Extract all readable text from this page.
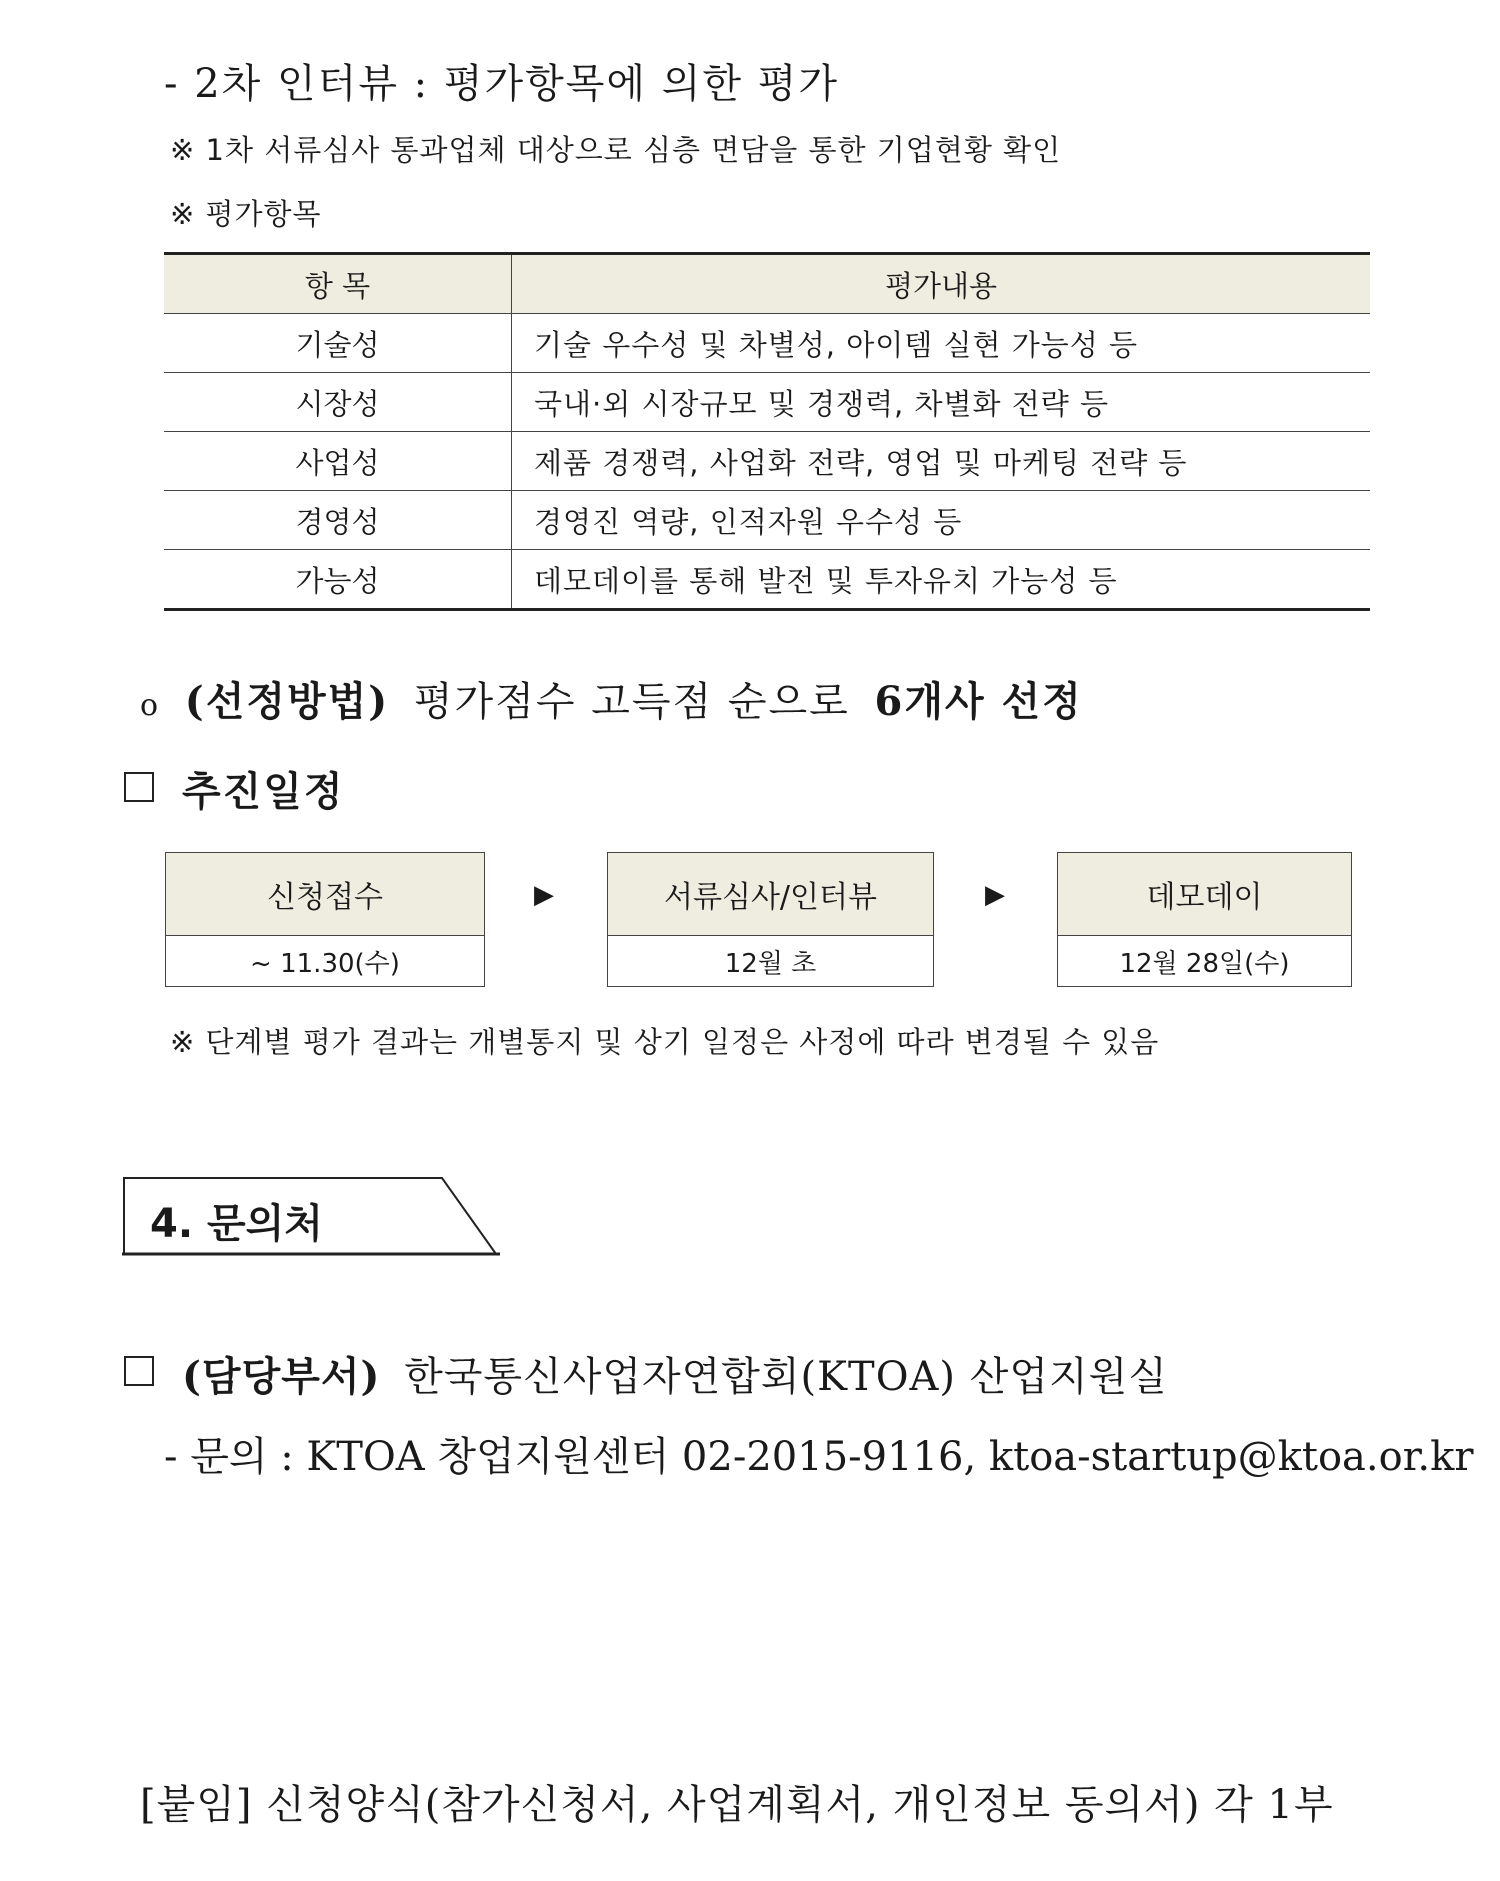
- 2차 인터뷰 : 평가항목에 의한 평가
※ 1차 서류심사 통과업체 대상으로 심층 면담을 통한 기업현황 확인
※ 평가항목
항 목	평가내용
기술성	기술 우수성 및 차별성, 아이템 실현 가능성 등
시장성	국내·외 시장규모 및 경쟁력, 차별화 전략 등
사업성	제품 경쟁력, 사업화 전략, 영업 및 마케팅 전략 등
경영성	경영진 역량, 인적자원 우수성 등
가능성	데모데이를 통해 발전 및 투자유치 가능성 등
o (선정방법) 평가점수 고득점 순으로 6개사 선정
추진일정
신청접수
~ 11.30(수)
▶	서류심사/인터뷰
12월 초
▶	데모데이
12월 28일(수)
※ 단계별 평가 결과는 개별통지 및 상기 일정은 사정에 따라 변경될 수 있음
4. 문의처
(담당부서) 한국통신사업자연합회(KTOA) 산업지원실
- 문의 : KTOA 창업지원센터 02-2015-9116, ktoa-startup@ktoa.or.kr
[붙임] 신청양식(참가신청서, 사업계획서, 개인정보 동의서) 각 1부
